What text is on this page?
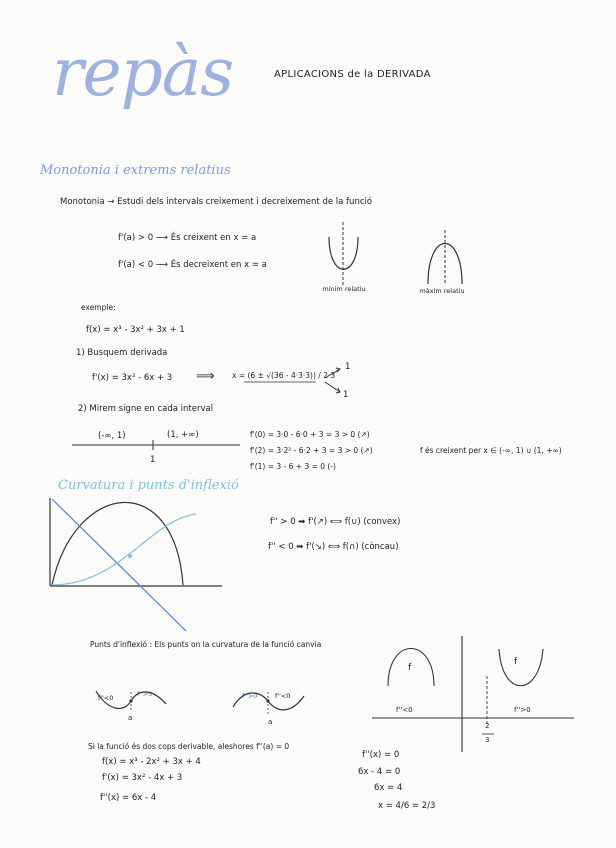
repàs	APLICACIONS de la DERIVADA
Monotonia i extrems relatius
Monotonia → Estudi dels intervals creixement i decreixement de la funció
f'(a) > 0 ⟶ És creixent en x = a
f'(a) < 0 ⟶ És decreixent en x = a
mínim relatiu	màxim relatiu
exemple:
f(x) = x³ - 3x² + 3x + 1
1) Busquem derivada
f'(x) = 3x² - 6x + 3 ⟹ x = (6 ± √(36 - 4·3·3)) / 2·3
1
1
2) Mirem signe en cada interval
(-∞, 1)	(1, +∞)
1
f'(0) = 3·0 - 6·0 + 3 = 3 > 0 (↗)
f'(2) = 3·2² - 6·2 + 3 = 3 > 0 (↗)
f'(1) = 3 - 6 + 3 = 0 (-)
f és creixent per x ∈ (-∞, 1) ∪ (1, +∞)
Curvatura i punts d'inflexió
f'' > 0 ➡ f'(↗) ⟺ f(∪) (convex)
f'' < 0 ➡ f'(↘) ⟺ f(∩) (còncau)
Punts d'inflexió : Els punts on la curvatura de la funció canvia
f''<0	f''>0
a
f''>0	f''<0
a
f
f
f''<0	f''>0
2
3
Si la funció és dos cops derivable, aleshores f''(a) = 0
f(x) = x³ - 2x² + 3x + 4
f'(x) = 3x² - 4x + 3
f''(x) = 6x - 4
f''(x) = 0
6x - 4 = 0
6x = 4
x = 4/6 = 2/3
